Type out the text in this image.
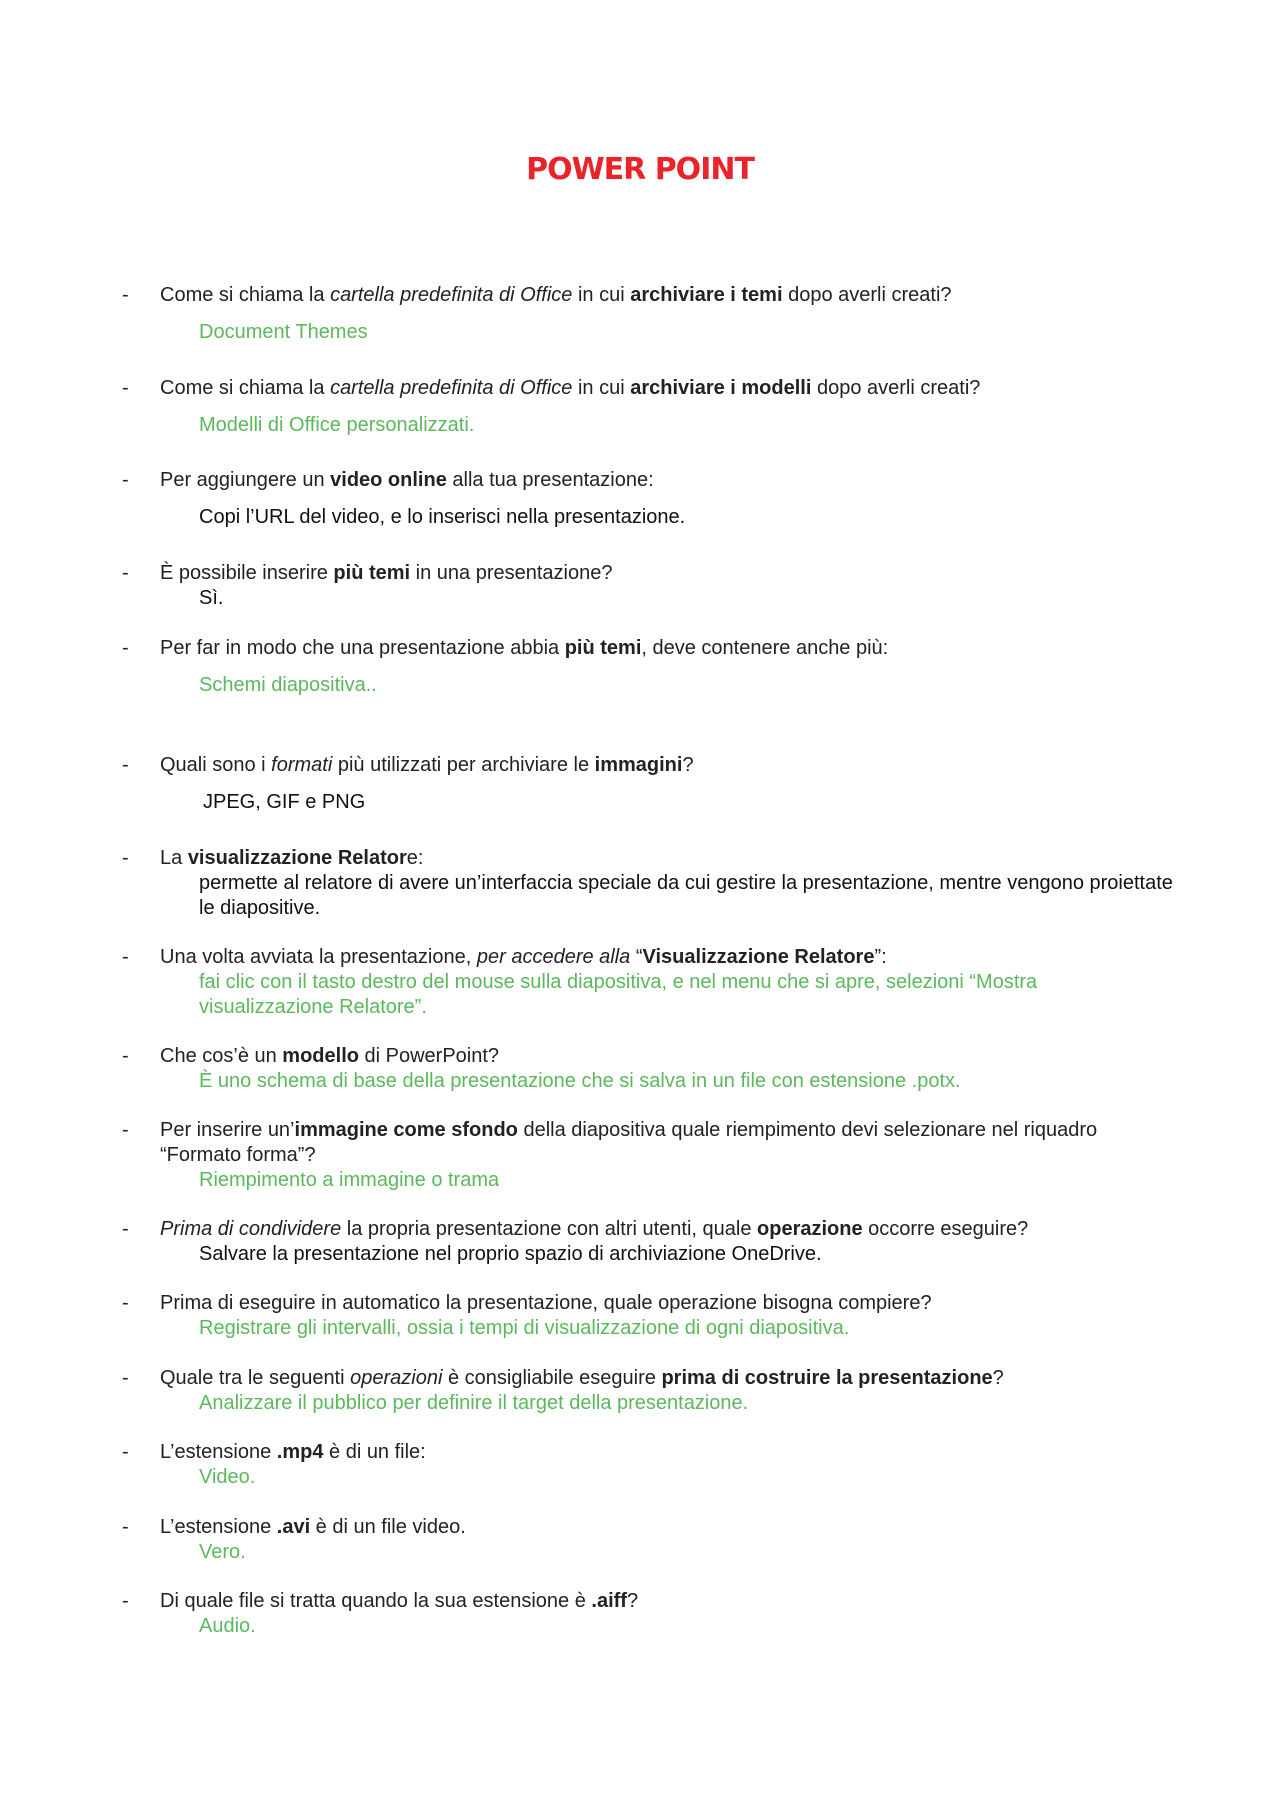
POWER POINT
- Come si chiama la cartella predefinita di Office in cui archiviare i temi dopo averli creati?
Document Themes
- Come si chiama la cartella predefinita di Office in cui archiviare i modelli dopo averli creati?
Modelli di Office personalizzati.
- Per aggiungere un video online alla tua presentazione:
Copi l’URL del video, e lo inserisci nella presentazione.
- È possibile inserire più temi in una presentazione?
Sì.
- Per far in modo che una presentazione abbia più temi, deve contenere anche più:
Schemi diapositiva..
- Quali sono i formati più utilizzati per archiviare le immagini?
JPEG, GIF e PNG
- La visualizzazione Relatore:
permette al relatore di avere un’interfaccia speciale da cui gestire la presentazione, mentre vengono proiettate le diapositive.
- Una volta avviata la presentazione, per accedere alla “Visualizzazione Relatore”:
fai clic con il tasto destro del mouse sulla diapositiva, e nel menu che si apre, selezioni “Mostra visualizzazione Relatore”.
- Che cos’è un modello di PowerPoint?
È uno schema di base della presentazione che si salva in un file con estensione .potx.
- Per inserire un’immagine come sfondo della diapositiva quale riempimento devi selezionare nel riquadro “Formato forma”?
Riempimento a immagine o trama
- Prima di condividere la propria presentazione con altri utenti, quale operazione occorre eseguire?
Salvare la presentazione nel proprio spazio di archiviazione OneDrive.
- Prima di eseguire in automatico la presentazione, quale operazione bisogna compiere?
Registrare gli intervalli, ossia i tempi di visualizzazione di ogni diapositiva.
- Quale tra le seguenti operazioni è consigliabile eseguire prima di costruire la presentazione?
Analizzare il pubblico per definire il target della presentazione.
- L’estensione .mp4 è di un file:
Video.
- L’estensione .avi è di un file video.
Vero.
- Di quale file si tratta quando la sua estensione è .aiff?
Audio.
